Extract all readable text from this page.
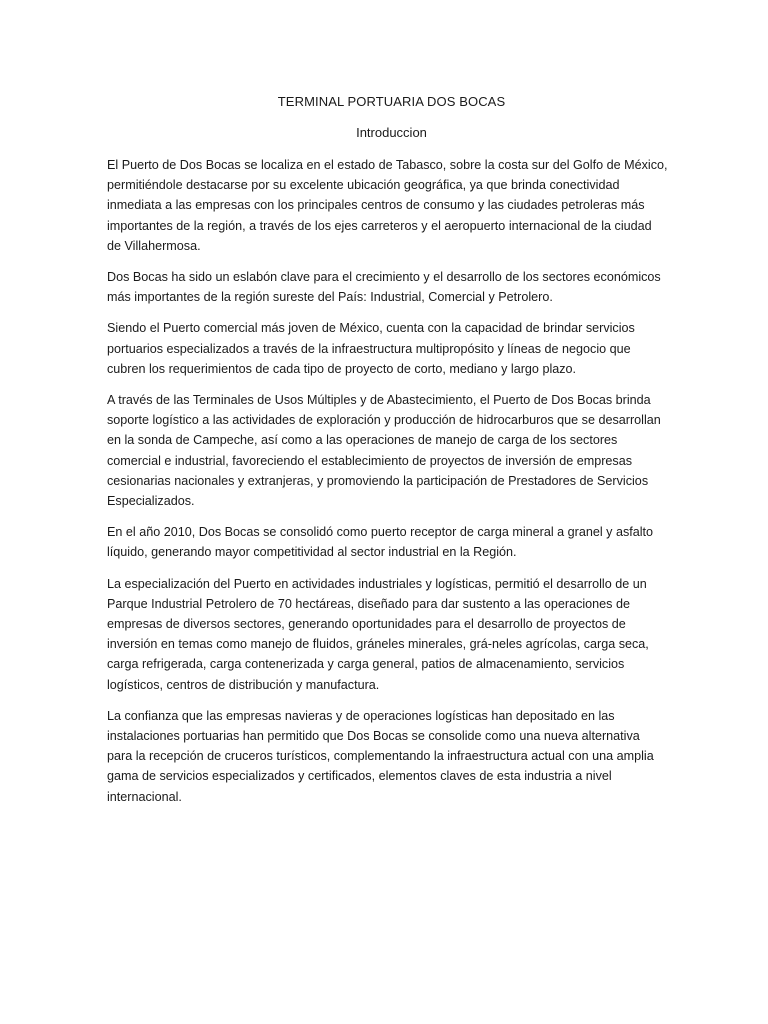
TERMINAL PORTUARIA DOS BOCAS
Introduccion

El Puerto de Dos Bocas se localiza en el estado de Tabasco, sobre la costa sur del Golfo de México, permitiéndole destacarse por su excelente ubicación geográfica, ya que brinda conectividad inmediata a las empresas con los principales centros de consumo y las ciudades petroleras más importantes de la región, a través de los ejes carreteros y el aeropuerto internacional de la ciudad de Villahermosa.

Dos Bocas ha sido un eslabón clave para el crecimiento y el desarrollo de los sectores económicos más importantes de la región sureste del País: Industrial, Comercial y Petrolero.

Siendo el Puerto comercial más joven de México, cuenta con la capacidad de brindar servicios portuarios especializados a través de la infraestructura multipropósito y líneas de negocio que cubren los requerimientos de cada tipo de proyecto de corto, mediano y largo plazo.

A través de las Terminales de Usos Múltiples y de Abastecimiento, el Puerto de Dos Bocas brinda soporte logístico a las actividades de exploración y producción de hidrocarburos que se desarrollan en la sonda de Campeche, así como a las operaciones de manejo de carga de los sectores comercial e industrial, favoreciendo el establecimiento de proyectos de inversión de empresas cesionarias nacionales y extranjeras, y promoviendo la participación de Prestadores de Servicios Especializados.

En el año 2010, Dos Bocas se consolidó como puerto receptor de carga mineral a granel y asfalto líquido, generando mayor competitividad al sector industrial en la Región.

La especialización del Puerto en actividades industriales y logísticas, permitió el desarrollo de un Parque Industrial Petrolero de 70 hectáreas, diseñado para dar sustento a las operaciones de empresas de diversos sectores, generando oportunidades para el desarrollo de proyectos de inversión en temas como manejo de fluidos, gráneles minerales, grá-neles agrícolas, carga seca, carga refrigerada, carga contenerizada y carga general, patios de almacenamiento, servicios logísticos, centros de distribución y manufactura.

La confianza que las empresas navieras y de operaciones logísticas han depositado en las instalaciones portuarias han permitido que Dos Bocas se consolide como una nueva alternativa para la recepción de cruceros turísticos, complementando la infraestructura actual con una amplia gama de servicios especializados y certificados, elementos claves de esta industria a nivel internacional.
